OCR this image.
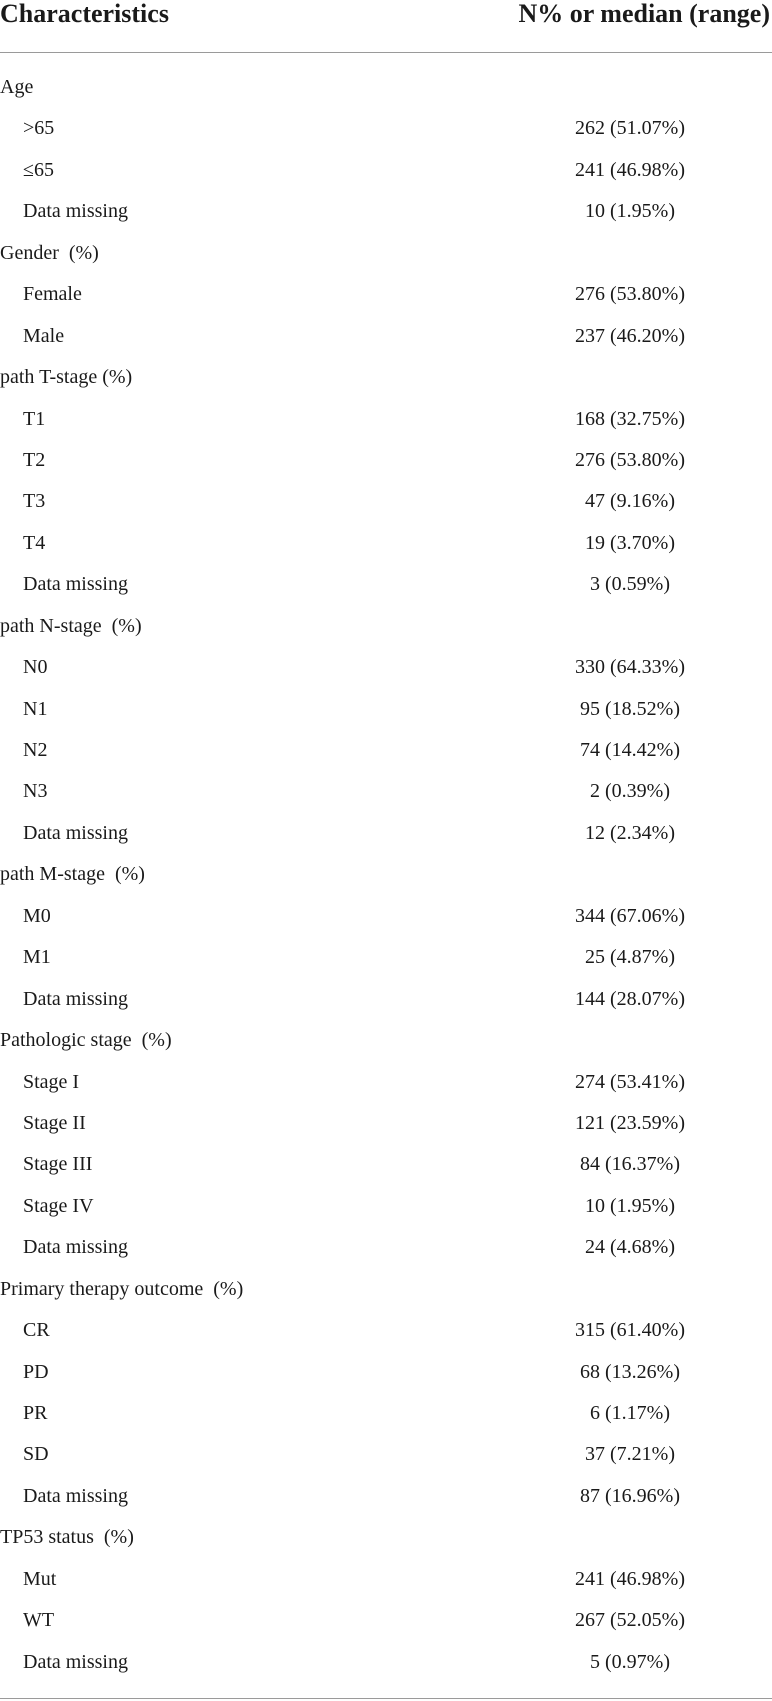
Characteristics	N% or median (range)
Age
>65	262 (51.07%)
≤65	241 (46.98%)
Data missing	10 (1.95%)
Gender (%)
Female	276 (53.80%)
Male	237 (46.20%)
path T-stage (%)
T1	168 (32.75%)
T2	276 (53.80%)
T3	47 (9.16%)
T4	19 (3.70%)
Data missing	3 (0.59%)
path N-stage (%)
N0	330 (64.33%)
N1	95 (18.52%)
N2	74 (14.42%)
N3	2 (0.39%)
Data missing	12 (2.34%)
path M-stage (%)
M0	344 (67.06%)
M1	25 (4.87%)
Data missing	144 (28.07%)
Pathologic stage (%)
Stage I	274 (53.41%)
Stage II	121 (23.59%)
Stage III	84 (16.37%)
Stage IV	10 (1.95%)
Data missing	24 (4.68%)
Primary therapy outcome (%)
CR	315 (61.40%)
PD	68 (13.26%)
PR	6 (1.17%)
SD	37 (7.21%)
Data missing	87 (16.96%)
TP53 status (%)
Mut	241 (46.98%)
WT	267 (52.05%)
Data missing	5 (0.97%)
